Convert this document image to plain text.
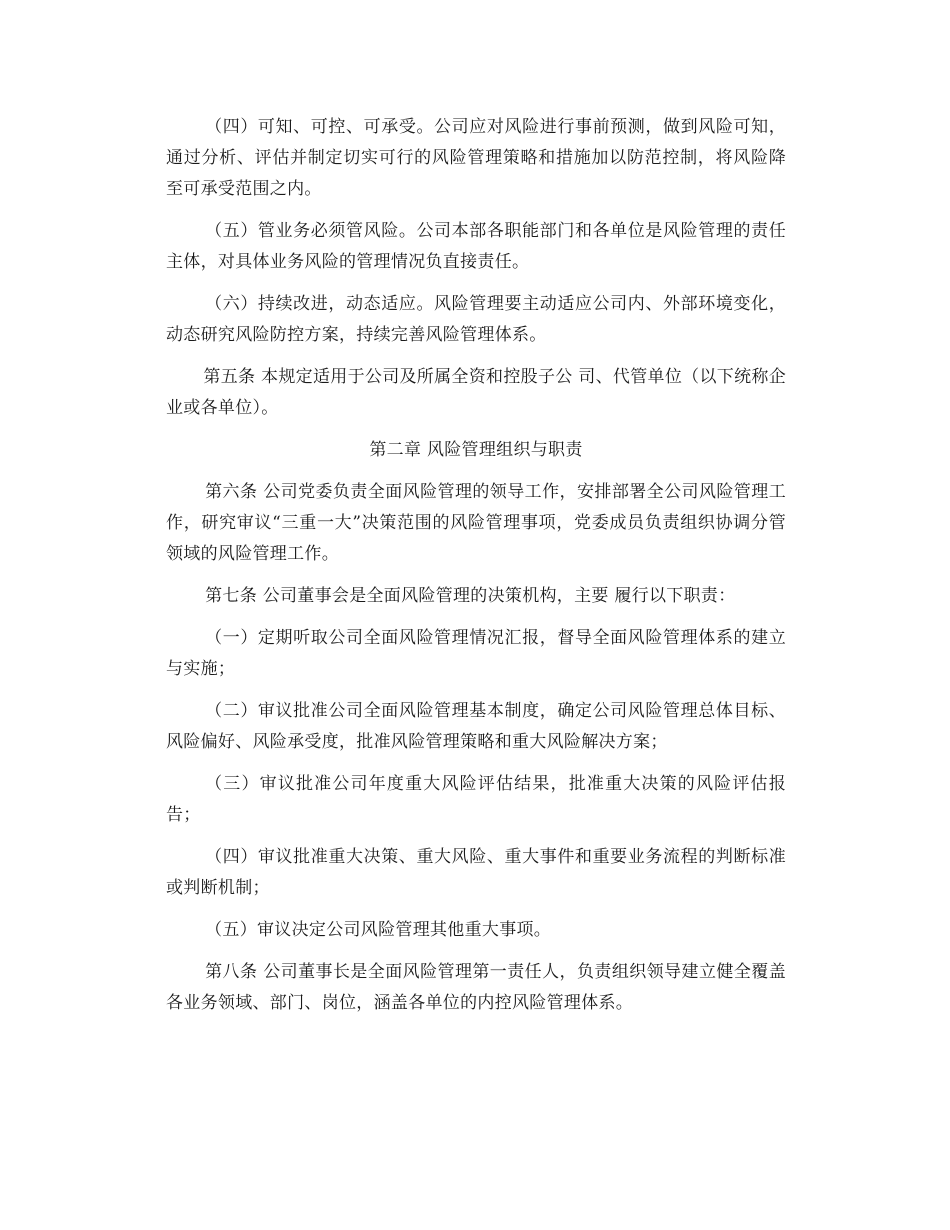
（四）可知、可控、可承受。公司应对风险进行事前预测，做到风险可知，通过分析、评估并制定切实可行的风险管理策略和措施加以防范控制，将风险降至可承受范围之内。

（五）管业务必须管风险。公司本部各职能部门和各单位是风险管理的责任主体，对具体业务风险的管理情况负直接责任。

（六）持续改进，动态适应。风险管理要主动适应公司内、外部环境变化，动态研究风险防控方案，持续完善风险管理体系。

第五条 本规定适用于公司及所属全资和控股子公 司、代管单位（以下统称企业或各单位）。

第二章 风险管理组织与职责

第六条 公司党委负责全面风险管理的领导工作，安排部署全公司风险管理工作，研究审议“三重一大”决策范围的风险管理事项，党委成员负责组织协调分管领域的风险管理工作。

第七条 公司董事会是全面风险管理的决策机构，主要 履行以下职责：

（一）定期听取公司全面风险管理情况汇报，督导全面风险管理体系的建立与实施；

（二）审议批准公司全面风险管理基本制度，确定公司风险管理总体目标、风险偏好、风险承受度，批准风险管理策略和重大风险解决方案；

（三）审议批准公司年度重大风险评估结果，批准重大决策的风险评估报告；

（四）审议批准重大决策、重大风险、重大事件和重要业务流程的判断标准或判断机制；

（五）审议决定公司风险管理其他重大事项。

第八条 公司董事长是全面风险管理第一责任人，负责组织领导建立健全覆盖各业务领域、部门、岗位，涵盖各单位的内控风险管理体系。
